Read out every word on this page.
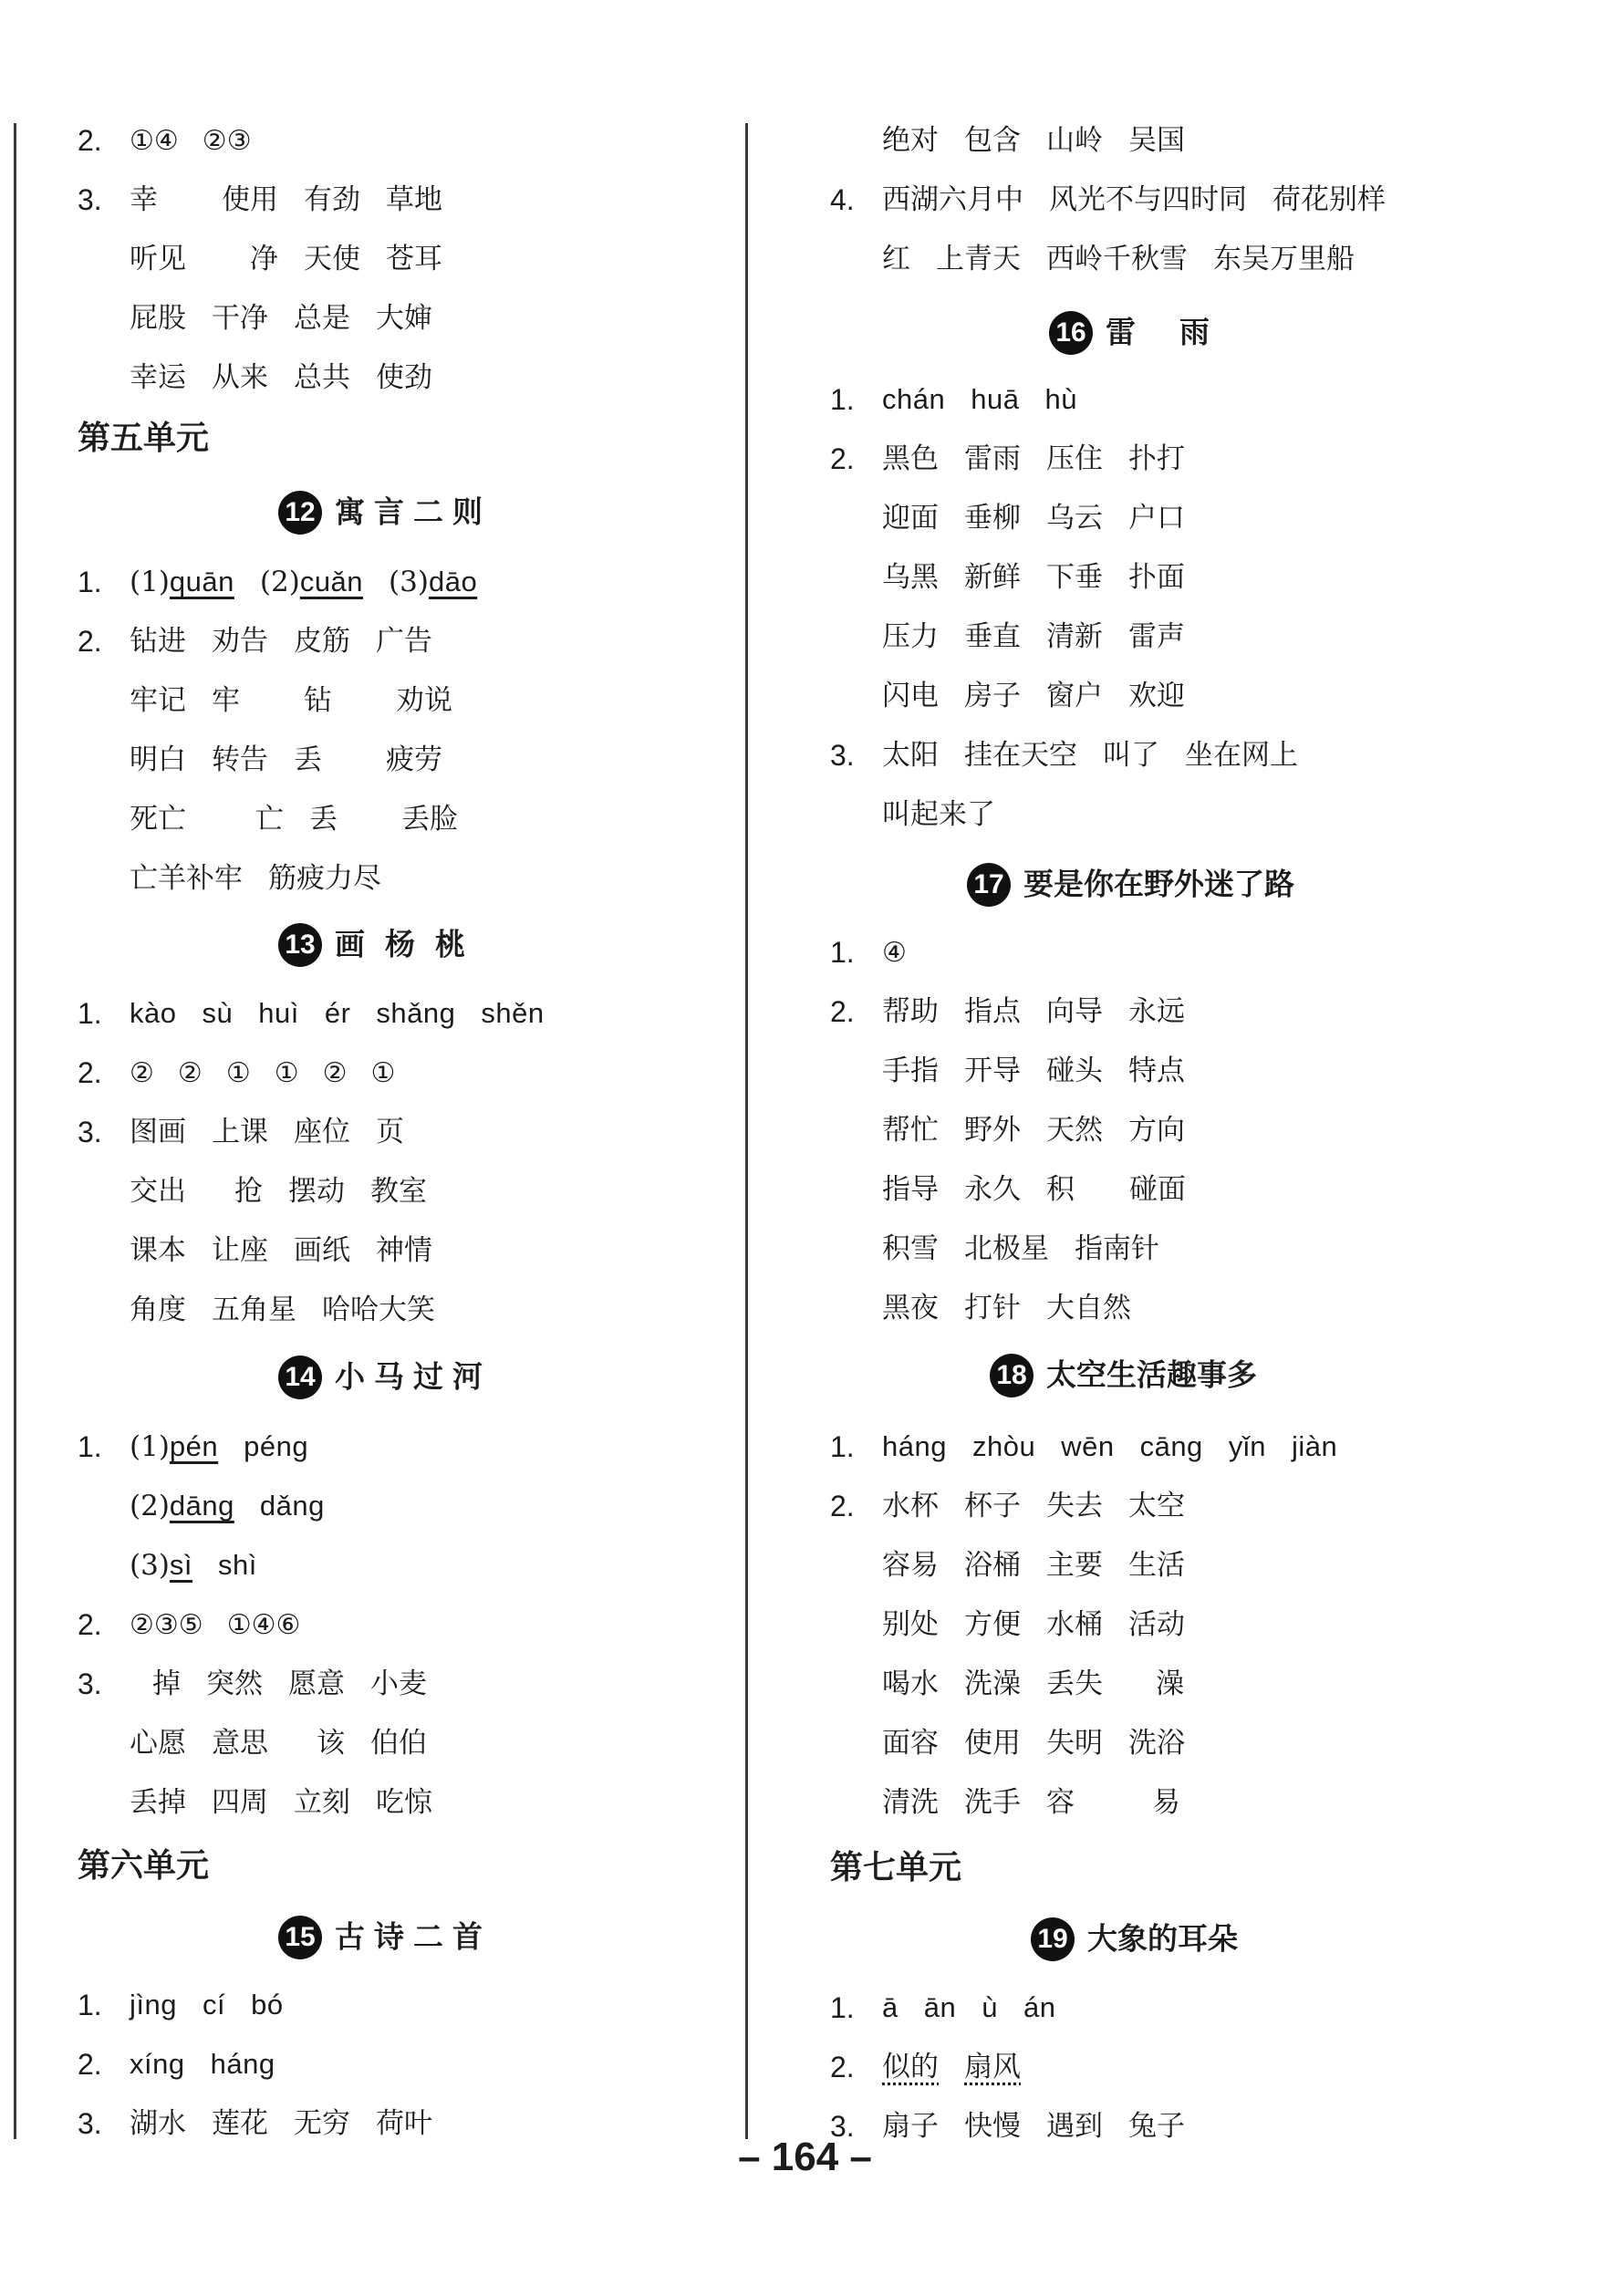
2. ①④ ②③
3. 幸 使用 有劲 草地
听见 净 天使 苍耳
屁股 干净 总是 大婶
幸运 从来 总共 使劲
第五单元
12 寓言二则
1. (1)quān (2)cuǎn (3)dāo
2. 钻进 劝告 皮筋 广告
牢记 牢 钻 劝说
明白 转告 丢 疲劳
死亡 亡 丢 丢脸
亡羊补牢 筋疲力尽
13 画杨桃
1. kào sù huì ér shǎng shěn
2. ② ② ① ① ② ①
3. 图画 上课 座位 页
交出 抢 摆动 教室
课本 让座 画纸 神情
角度 五角星 哈哈大笑
14 小马过河
1. (1)pén péng
(2)dāng dǎng
(3)sì shì
2. ②③⑤ ①④⑥
3.	掉 突然 愿意 小麦
心愿 意思 该 伯伯
丢掉 四周 立刻 吃惊
第六单元
15 古诗二首
1. jìng cí bó
2. xíng háng
3. 湖水 莲花 无穷 荷叶
绝对 包含 山岭 吴国
4. 西湖六月中 风光不与四时同 荷花别样
红 上青天 西岭千秋雪 东吴万里船
16 雷雨
1. chán huā hù
2. 黑色 雷雨 压住 扑打
迎面 垂柳 乌云 户口
乌黑 新鲜 下垂 扑面
压力 垂直 清新 雷声
闪电 房子 窗户 欢迎
3. 太阳 挂在天空 叫了 坐在网上
叫起来了
17 要是你在野外迷了路
1. ④
2. 帮助 指点 向导 永远
手指 开导 碰头 特点
帮忙 野外 天然 方向
指导 永久 积 碰面
积雪 北极星 指南针
黑夜 打针 大自然
18 太空生活趣事多
1. háng zhòu wēn cāng yǐn jiàn
2. 水杯 杯子 失去 太空
容易 浴桶 主要 生活
别处 方便 水桶 活动
喝水 洗澡 丢失 澡
面容 使用 失明 洗浴
清洗 洗手 容	易
第七单元
19 大象的耳朵
1. ā ān ù án
2. 似的 扇风
3. 扇子 快慢 遇到 兔子
– 164 –
